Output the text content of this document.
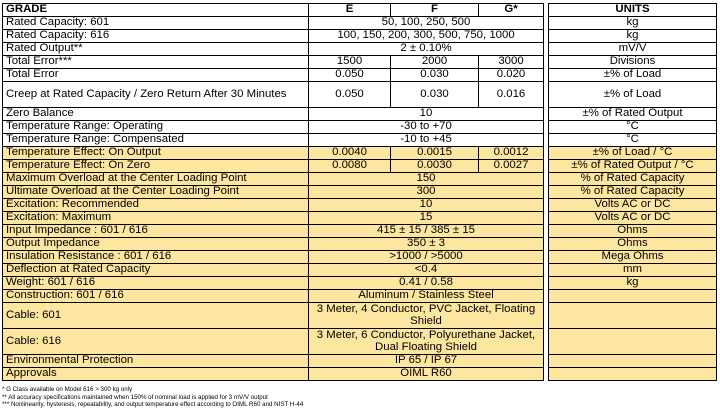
GRADE	E	F	G*		UNITS
Rated Capacity: 601	50, 100, 250, 500				kg
Rated Capacity: 616	100, 150, 200, 300, 500, 750, 1000				kg
Rated Output**	2 ± 0.10%				mV/V
Total Error***	1500	2000	3000		Divisions
Total Error	0.050	0.030	0.020		±% of Load
Creep at Rated Capacity / Zero Return After 30 Minutes	0.050	0.030	0.016		±% of Load
Zero Balance	10				±% of Rated Output
Temperature Range: Operating	-30 to +70				°C
Temperature Range: Compensated	-10 to +45				°C
Temperature Effect: On Output	0.0040	0.0015	0.0012		±% of Load / °C
Temperature Effect: On Zero	0.0080	0.0030	0.0027		±% of Rated Output / °C
Maximum Overload at the Center Loading Point	150				% of Rated Capacity
Ultimate Overload at the Center Loading Point	300				% of Rated Capacity
Excitation: Recommended	10				Volts AC or DC
Excitation: Maximum	15				Volts AC or DC
Input Impedance : 601 / 616	415 ± 15 / 385 ± 15				Ohms
Output Impedance	350 ± 3				Ohms
Insulation Resistance : 601 / 616	>1000 / >5000				Mega Ohms
Deflection at Rated Capacity	<0.4				mm
Weight: 601 / 616	0.41 / 0.58				kg
Construction: 601 / 616	Aluminum / Stainless Steel				
Cable: 601	3 Meter, 4 Conductor, PVC Jacket, Floating Shield				
Cable: 616	3 Meter, 6 Conductor, Polyurethane Jacket, Dual Floating Shield				
Environmental Protection	IP 65 / IP 67				
Approvals	OIML R60				
* G Class available on Model 616 > 300 kg only
** All accuracy specifications maintained when 150% of nominal load is applied for 3 mV/V output
*** Nonlinearity, hysteresis, repeatability, and output temperature effect according to OIML R60 and NIST H-44
